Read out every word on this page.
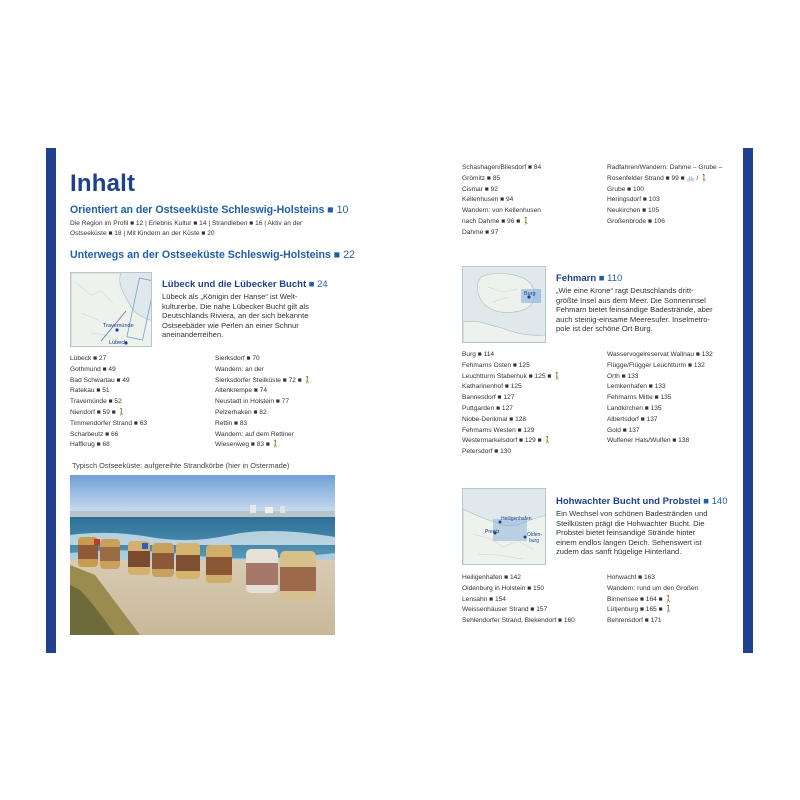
Inhalt
Orientiert an der Ostseeküste Schleswig-Holsteins ■ 10
Die Region im Profil ■ 12 | Erlebnis Kultur ■ 14 | Strandleben ■ 16 | Aktiv an der
Ostseeküste ■ 18 | Mit Kindern an der Küste ■ 20
Unterwegs an der Ostseeküste Schleswig-Holsteins ■ 22
Travemünde
Lübeck
Lübeck und die Lübecker Bucht ■ 24
Lübeck als „Königin der Hanse“ ist Welt-
kulturerbe. Die nahe Lübecker Bucht gilt als
Deutschlands Riviera, an der sich bekannte
Ostseebäder wie Perlen an einer Schnur
aneinanderreihen.
Lübeck ■ 27
Gothmund ■ 49
Bad Schwartau ■ 49
Ratekau ■ 51
Travemünde ■ 52
Niendorf ■ 59 ■ 🚶
Timmendorfer Strand ■ 63
Scharbeutz ■ 66
Haffkrug ■ 68
Sierksdorf ■ 70
Wandern: an der
Sierksdorfer Steilküste ■ 72 ■ 🚶
Altenkrempe ■ 74
Neustadt in Holstein ■ 77
Pelzerhaken ■ 82
Rettin ■ 83
Wandern: auf dem Rettiner
Wiesenweg ■ 83 ■ 🚶
Typisch Ostseeküste: aufgereihte Strandkörbe (hier in Ostermade)
Schashagen/Bliesdorf ■ 84
Grömitz ■ 85
Cismar ■ 92
Kellenhusen ■ 94
Wandern: von Kellenhusen
nach Dahme ■ 96 ■ 🚶
Dahme ■ 97
Radfahren/Wandern: Dahme – Grube –
Rosenfelder Strand ■ 99 ■ 🚲 / 🚶
Grube ■ 100
Heringsdorf ■ 103
Neukirchen ■ 105
Großenbrode ■ 106
Burg
Fehmarn ■ 110
„Wie eine Krone“ ragt Deutschlands dritt-
größte Insel aus dem Meer. Die Sonneninsel
Fehmarn bietet feinsandige Badestrände, aber
auch steinig-einsame Meeresufer. Inselmetro-
pole ist der schöne Ort Burg.
Burg ■ 114
Fehmarns Osten ■ 125
Leuchtturm Staberhuk ■ 125 ■ 🚶
Katharinenhof ■ 125
Bannesdorf ■ 127
Puttgarden ■ 127
Niobe-Denkmal ■ 128
Fehmarns Westen ■ 129
Westermarkelsdorf ■ 129 ■ 🚶
Petersdorf ■ 130
Wasservogelreservat Wallnau ■ 132
Flügge/Flügger Leuchtturm ■ 132
Orth ■ 133
Lemkenhafen ■ 133
Fehmarns Mitte ■ 135
Landkirchen ■ 135
Albertsdorf ■ 137
Gold ■ 137
Wulfener Hals/Wulfen ■ 138
Heiligenhafen
Preetz	Olden-
burg
Hohwachter Bucht und Probstei ■ 140
Ein Wechsel von schönen Badestränden und
Steilküsten prägt die Hohwachter Bucht. Die
Probstei bietet feinsandige Strände hinter
einem endlos langen Deich. Sehenswert ist
zudem das sanft hügelige Hinterland.
Heiligenhafen ■ 142
Oldenburg in Holstein ■ 150
Lensahn ■ 154
Weissenhäuser Strand ■ 157
Sehlendorfer Strand, Blekendorf ■ 160
Hohwacht ■ 163
Wandern: rund um den Großen
Binnensee ■ 164 ■ 🚶
Lütjenburg ■ 165 ■ 🚶
Behrensdorf ■ 171
